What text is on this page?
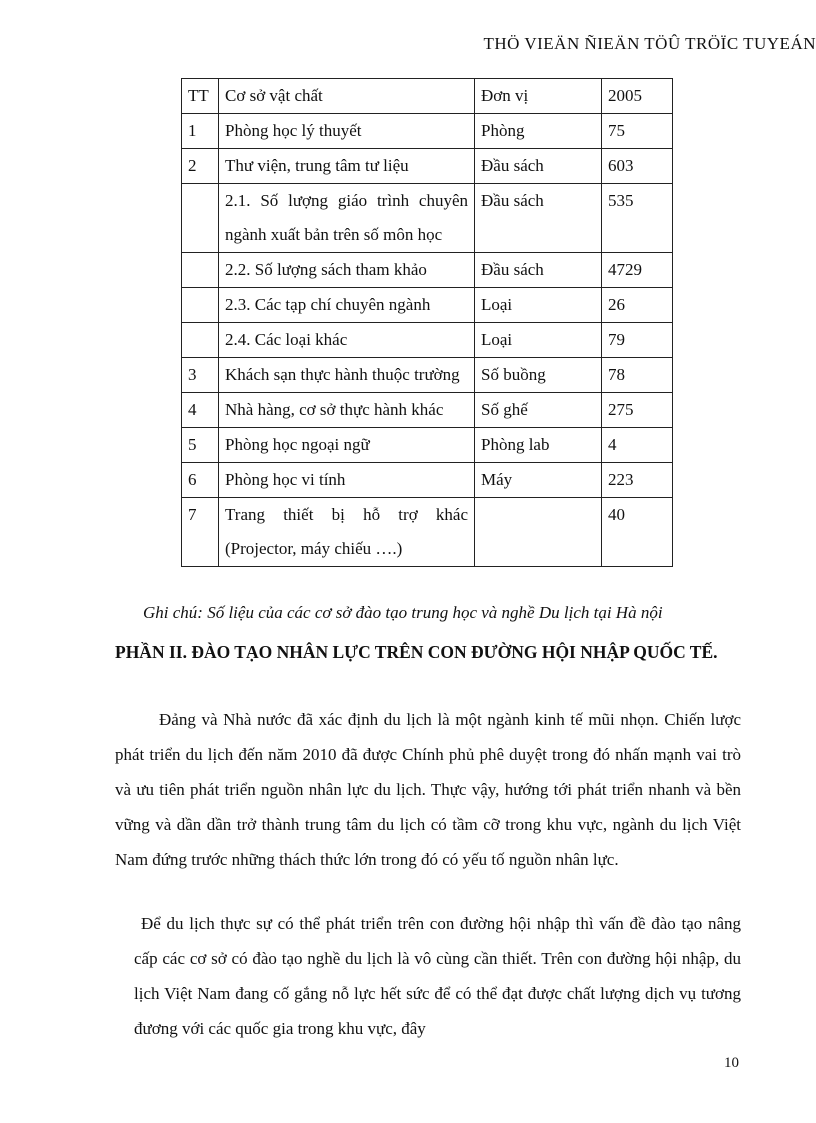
THÖ VIEÄN ÑIEÄN TÖÛ TRÖÏC TUYEÁN
TT	Cơ sở vật chất	Đơn vị	2005
1	Phòng học lý thuyết	Phòng	75
2	Thư viện, trung tâm tư liệu	Đầu sách	603
	2.1. Số lượng giáo trình chuyên ngành xuất bản trên số môn học	Đầu sách	535
	2.2. Số lượng sách tham khảo	Đầu sách	4729
	2.3. Các tạp chí chuyên ngành	Loại	26
	2.4. Các loại khác	Loại	79
3	Khách sạn thực hành thuộc trường	Số buồng	78
4	Nhà hàng, cơ sở thực hành khác	Số ghế	275
5	Phòng học ngoại ngữ	Phòng lab	4
6	Phòng học vi tính	Máy	223
7	Trang thiết bị hỗ trợ khác (Projector, máy chiếu ….)		40
Ghi chú: Số liệu của các cơ sở đào tạo trung học và nghề Du lịch tại Hà nội
PHẦN II. ĐÀO TẠO NHÂN LỰC TRÊN CON ĐƯỜNG HỘI NHẬP QUỐC TẾ.
Đảng và Nhà nước đã xác định du lịch là một ngành kinh tế mũi nhọn. Chiến lược phát triển du lịch đến năm 2010 đã được Chính phủ phê duyệt trong đó nhấn mạnh vai trò và ưu tiên phát triển nguồn nhân lực du lịch. Thực vậy, hướng tới phát triển nhanh và bền vững và dần dần trở thành trung tâm du lịch có tầm cỡ trong khu vực, ngành du lịch Việt Nam đứng trước những thách thức lớn trong đó có yếu tố nguồn nhân lực.
Để du lịch thực sự có thể phát triển trên con đường hội nhập thì vấn đề đào tạo nâng cấp các cơ sở có đào tạo nghề du lịch là vô cùng cần thiết. Trên con đường hội nhập, du lịch Việt Nam đang cố gắng nỗ lực hết sức để có thể đạt được chất lượng dịch vụ tương đương với các quốc gia trong khu vực, đây
10
